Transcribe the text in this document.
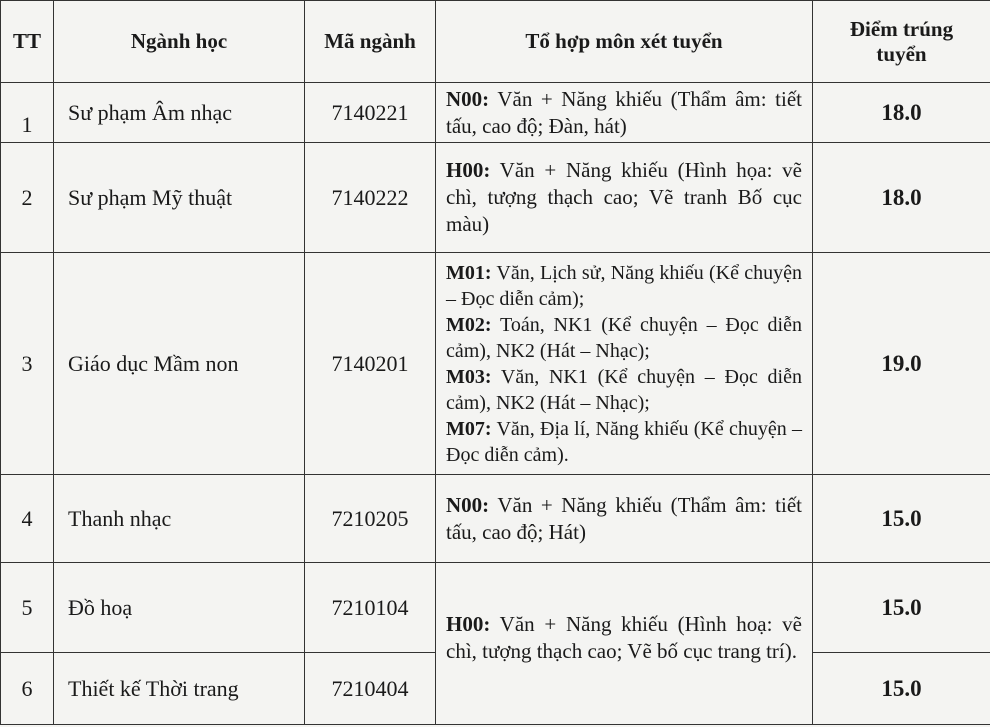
TT	Ngành học	Mã ngành	Tổ hợp môn xét tuyển	Điểm trúng tuyển
1	Sư phạm Âm nhạc	7140221	N00: Văn + Năng khiếu (Thẩm âm: tiết tấu, cao độ; Đàn, hát)	18.0
2	Sư phạm Mỹ thuật	7140222	H00: Văn + Năng khiếu (Hình họa: vẽ chì, tượng thạch cao; Vẽ tranh Bố cục màu)	18.0
3	Giáo dục Mầm non	7140201	M01: Văn, Lịch sử, Năng khiếu (Kể chuyện – Đọc diễn cảm);
M02: Toán, NK1 (Kể chuyện – Đọc diễn cảm), NK2 (Hát – Nhạc);
M03: Văn, NK1 (Kể chuyện – Đọc diễn cảm), NK2 (Hát – Nhạc);
M07: Văn, Địa lí, Năng khiếu (Kể chuyện – Đọc diễn cảm).	19.0
4	Thanh nhạc	7210205	N00: Văn + Năng khiếu (Thẩm âm: tiết tấu, cao độ; Hát)	15.0
5	Đồ hoạ	7210104	H00: Văn + Năng khiếu (Hình hoạ: vẽ chì, tượng thạch cao; Vẽ bố cục trang trí).	15.0
6	Thiết kế Thời trang	7210404		15.0
